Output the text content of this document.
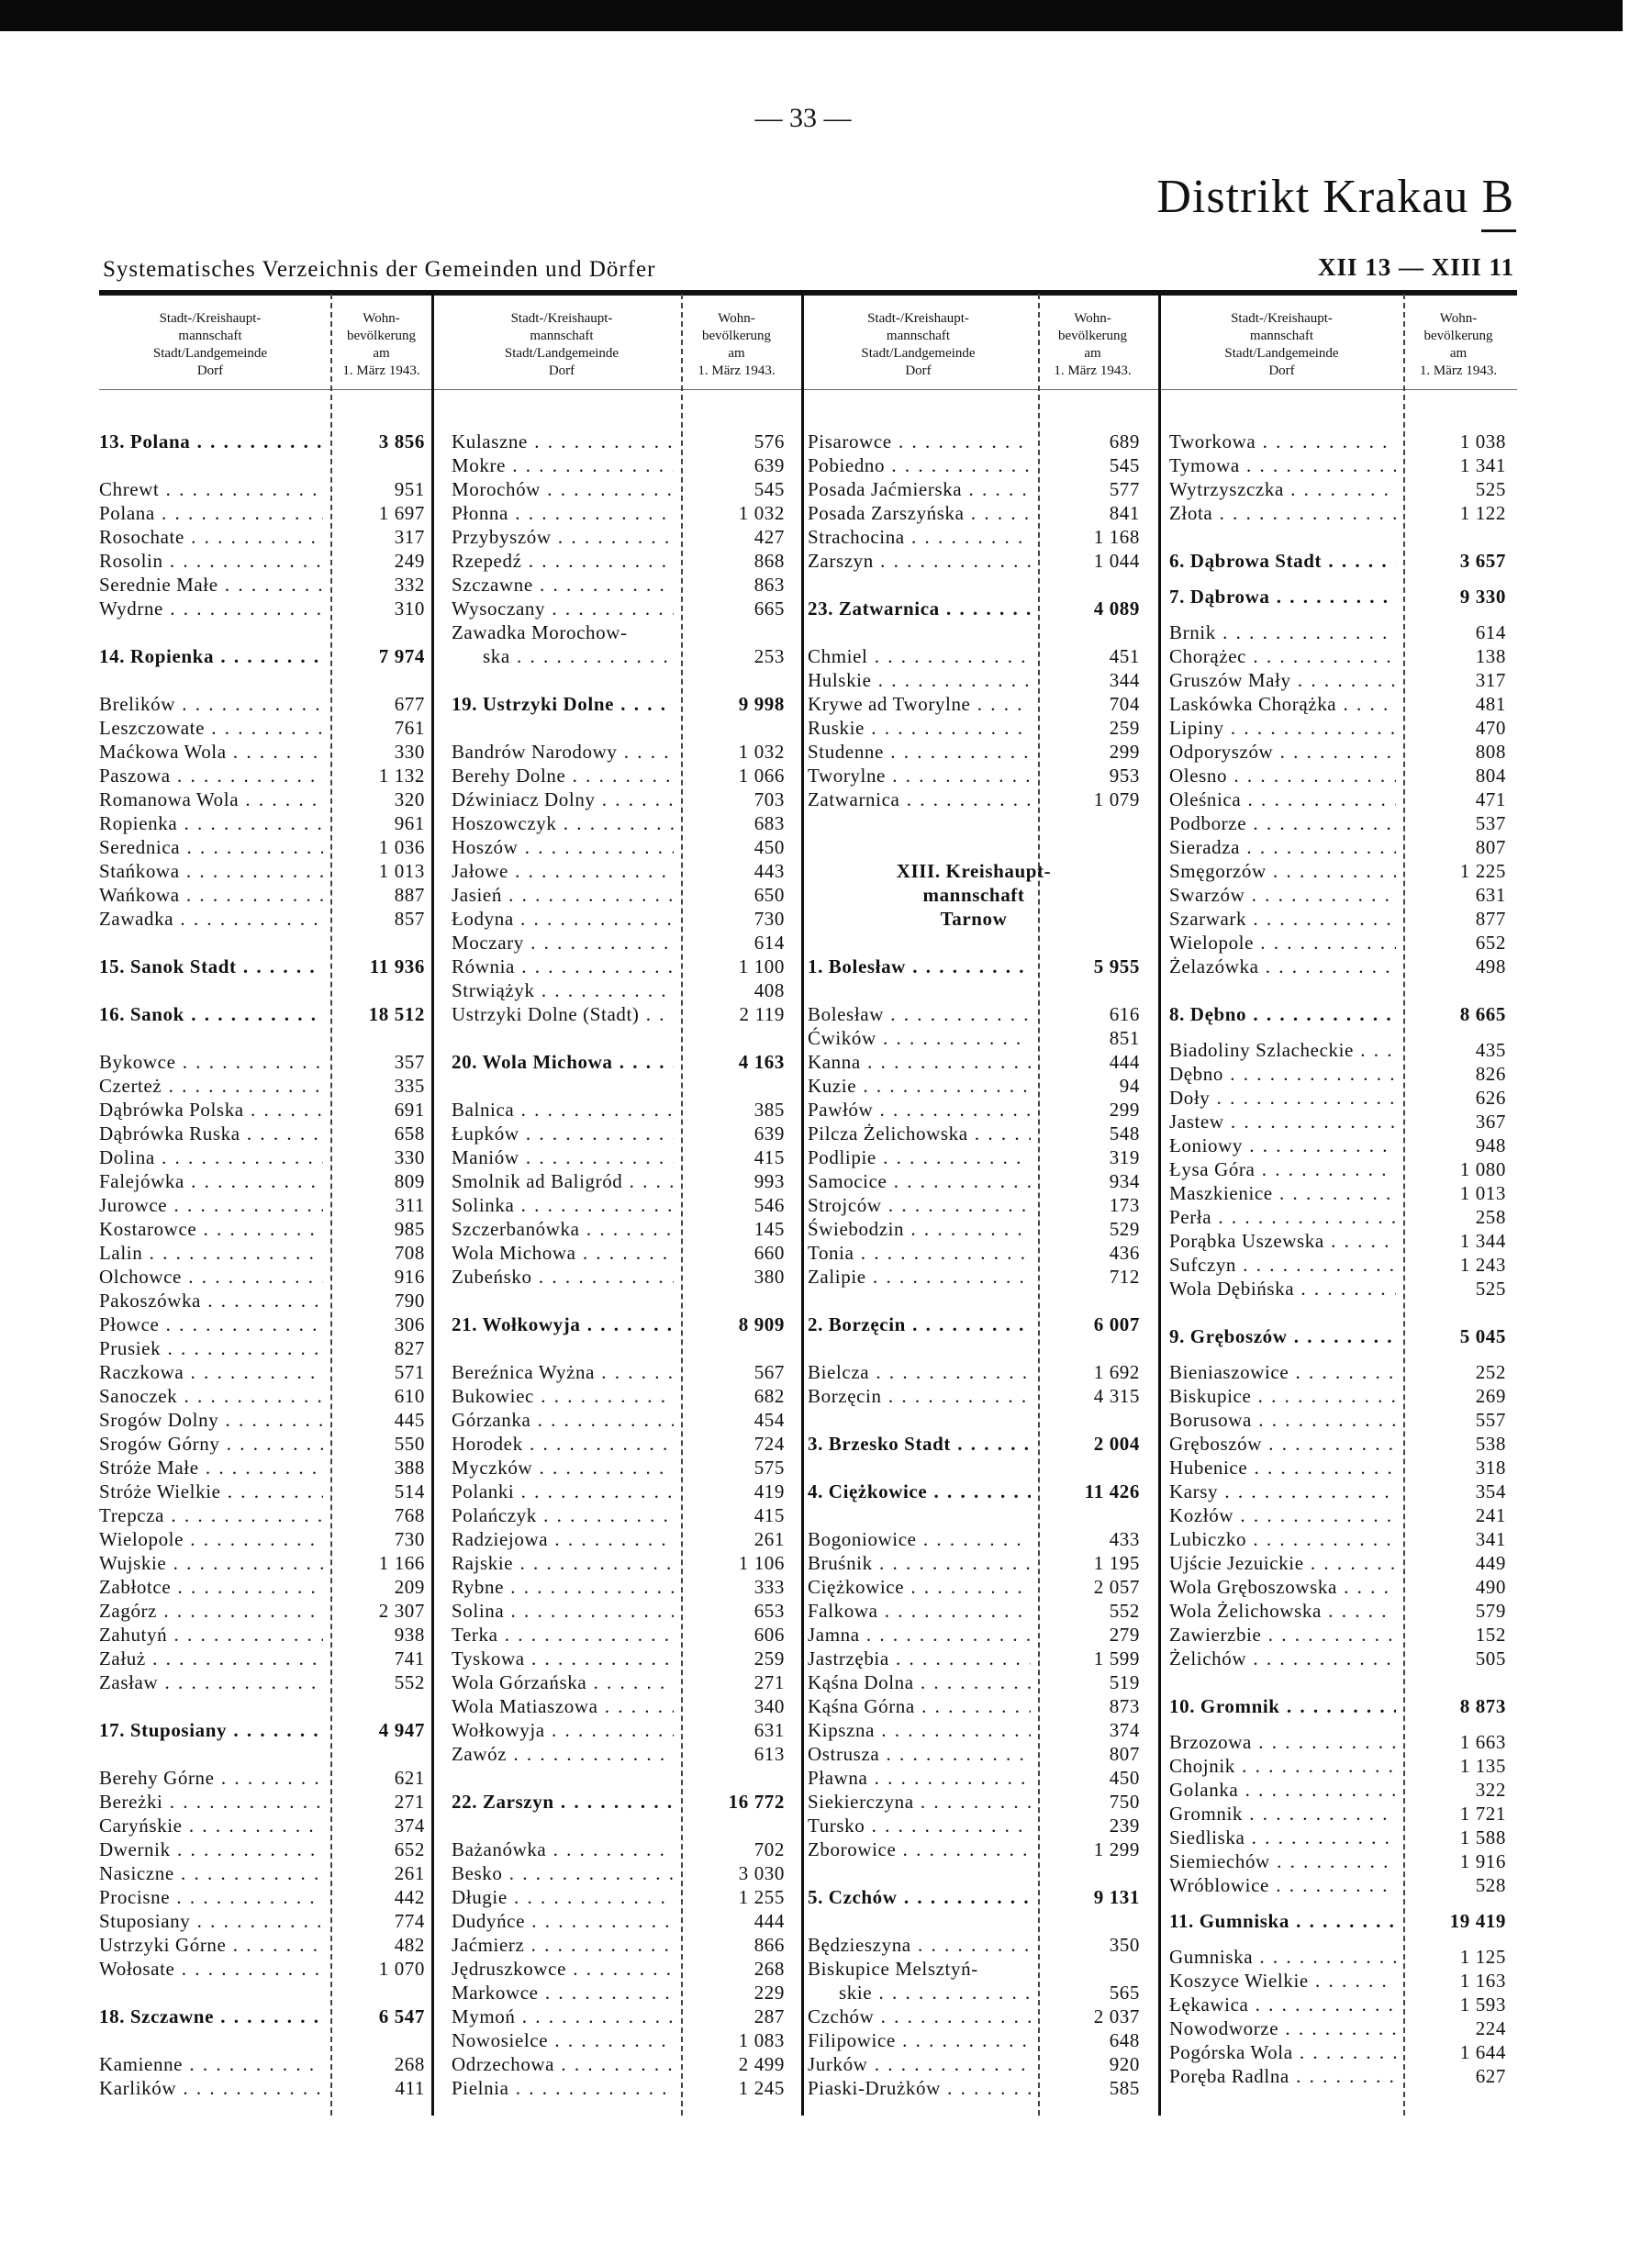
— 33 —
Distrikt Krakau B
Systematisches Verzeichnis der Gemeinden und Dörfer	XII 13 — XIII 11
Stadt-/Kreishaupt-
mannschaft
Stadt/Landgemeinde
Dorf
Wohn-
bevölkerung
am
1. März 1943.
13. Polana . . .	3 856
Chrewt . . .	951
Polana . . .	1 697
Rosochate . . .	317
Rosolin . . .	249
Serednie Małe . . .	332
Wydrne . . .	310
14. Ropienka . . .	7 974
Brelików . . .	677
Leszczowate . . .	761
Maćkowa Wola . . .	330
Paszowa . . .	1 132
Romanowa Wola . . .	320
Ropienka . . .	961
Serednica . . .	1 036
Stańkowa . . .	1 013
Wańkowa . . .	887
Zawadka . . .	857
15. Sanok Stadt . . .	11 936
16. Sanok . . .	18 512
Bykowce . . .	357
Czerteż . . .	335
Dąbrówka Polska . . .	691
Dąbrówka Ruska . . .	658
Dolina . . .	330
Falejówka . . .	809
Jurowce . . .	311
Kostarowce . . .	985
Lalin . . .	708
Olchowce . . .	916
Pakoszówka . . .	790
Płowce . . .	306
Prusiek . . .	827
Raczkowa . . .	571
Sanoczek . . .	610
Srogów Dolny . . .	445
Srogów Górny . . .	550
Stróże Małe . . .	388
Stróże Wielkie . . .	514
Trepcza . . .	768
Wielopole . . .	730
Wujskie . . .	1 166
Zabłotce . . .	209
Zagórz . . .	2 307
Zahutyń . . .	938
Załuż . . .	741
Zasław . . .	552
17. Stuposiany . . .	4 947
Berehy Górne . . .	621
Bereżki . . .	271
Caryńskie . . .	374
Dwernik . . .	652
Nasiczne . . .	261
Procisne . . .	442
Stuposiany . . .	774
Ustrzyki Górne . . .	482
Wołosate . . .	1 070
18. Szczawne . . .	6 547
Kamienne . . .	268
Karlików . . .	411
Stadt-/Kreishaupt-
mannschaft
Stadt/Landgemeinde
Dorf
Wohn-
bevölkerung
am
1. März 1943.
Kulaszne . . .	576
Mokre . . .	639
Morochów . . .	545
Płonna . . .	1 032
Przybyszów . . .	427
Rzepedź . . .	868
Szczawne . . .	863
Wysoczany . . .	665
Zawadka Morochow-
ska . . .	253
19. Ustrzyki Dolne . . .	9 998
Bandrów Narodowy . . .	1 032
Berehy Dolne . . .	1 066
Dźwiniacz Dolny . . .	703
Hoszowczyk . . .	683
Hoszów . . .	450
Jałowe . . .	443
Jasień . . .	650
Łodyna . . .	730
Moczary . . .	614
Równia . . .	1 100
Strwiążyk . . .	408
Ustrzyki Dolne (Stadt) . . .	2 119
20. Wola Michowa . . .	4 163
Balnica . . .	385
Łupków . . .	639
Maniów . . .	415
Smolnik ad Baligród . . .	993
Solinka . . .	546
Szczerbanówka . . .	145
Wola Michowa . . .	660
Zubeńsko . . .	380
21. Wołkowyja . . .	8 909
Bereźnica Wyżna . . .	567
Bukowiec . . .	682
Górzanka . . .	454
Horodek . . .	724
Myczków . . .	575
Polanki . . .	419
Polańczyk . . .	415
Radziejowa . . .	261
Rajskie . . .	1 106
Rybne . . .	333
Solina . . .	653
Terka . . .	606
Tyskowa . . .	259
Wola Górzańska . . .	271
Wola Matiaszowa . . .	340
Wołkowyja . . .	631
Zawóz . . .	613
22. Zarszyn . . .	16 772
Bażanówka . . .	702
Besko . . .	3 030
Długie . . .	1 255
Dudyńce . . .	444
Jaćmierz . . .	866
Jędruszkowce . . .	268
Markowce . . .	229
Mymoń . . .	287
Nowosielce . . .	1 083
Odrzechowa . . .	2 499
Pielnia . . .	1 245
Stadt-/Kreishaupt-
mannschaft
Stadt/Landgemeinde
Dorf
Wohn-
bevölkerung
am
1. März 1943.
Pisarowce . . .	689
Pobiedno . . .	545
Posada Jaćmierska . . .	577
Posada Zarszyńska . . .	841
Strachocina . . .	1 168
Zarszyn . . .	1 044
23. Zatwarnica . . .	4 089
Chmiel . . .	451
Hulskie . . .	344
Krywe ad Tworylne . . .	704
Ruskie . . .	259
Studenne . . .	299
Tworylne . . .	953
Zatwarnica . . .	1 079
XIII. Kreishaupt-
mannschaft
Tarnow
1. Bolesław . . .	5 955
Bolesław . . .	616
Ćwików . . .	851
Kanna . . .	444
Kuzie . . .	94
Pawłów . . .	299
Pilcza Żelichowska . . .	548
Podlipie . . .	319
Samocice . . .	934
Strojców . . .	173
Świebodzin . . .	529
Tonia . . .	436
Zalipie . . .	712
2. Borzęcin . . .	6 007
Bielcza . . .	1 692
Borzęcin . . .	4 315
3. Brzesko Stadt . . .	2 004
4. Ciężkowice . . .	11 426
Bogoniowice . . .	433
Bruśnik . . .	1 195
Ciężkowice . . .	2 057
Falkowa . . .	552
Jamna . . .	279
Jastrzębia . . .	1 599
Kąśna Dolna . . .	519
Kąśna Górna . . .	873
Kipszna . . .	374
Ostrusza . . .	807
Pławna . . .	450
Siekierczyna . . .	750
Tursko . . .	239
Zborowice . . .	1 299
5. Czchów . . .	9 131
Będzieszyna . . .	350
Biskupice Melsztyń-
skie . . .	565
Czchów . . .	2 037
Filipowice . . .	648
Jurków . . .	920
Piaski-Drużków . . .	585
Stadt-/Kreishaupt-
mannschaft
Stadt/Landgemeinde
Dorf
Wohn-
bevölkerung
am
1. März 1943.
Tworkowa . . .	1 038
Tymowa . . .	1 341
Wytrzyszczka . . .	525
Złota . . .	1 122
6. Dąbrowa Stadt . . .	3 657
7. Dąbrowa . . .	9 330
Brnik . . .	614
Chorążec . . .	138
Gruszów Mały . . .	317
Laskówka Chorążka . . .	481
Lipiny . . .	470
Odporyszów . . .	808
Olesno . . .	804
Oleśnica . . .	471
Podborze . . .	537
Sieradza . . .	807
Smęgorzów . . .	1 225
Swarzów . . .	631
Szarwark . . .	877
Wielopole . . .	652
Żelazówka . . .	498
8. Dębno . . .	8 665
Biadoliny Szlacheckie . . .	435
Dębno . . .	826
Doły . . .	626
Jastew . . .	367
Łoniowy . . .	948
Łysa Góra . . .	1 080
Maszkienice . . .	1 013
Perła . . .	258
Porąbka Uszewska . . .	1 344
Sufczyn . . .	1 243
Wola Dębińska . . .	525
9. Gręboszów . . .	5 045
Bieniaszowice . . .	252
Biskupice . . .	269
Borusowa . . .	557
Gręboszów . . .	538
Hubenice . . .	318
Karsy . . .	354
Kozłów . . .	241
Lubiczko . . .	341
Ujście Jezuickie . . .	449
Wola Gręboszowska . . .	490
Wola Żelichowska . . .	579
Zawierzbie . . .	152
Żelichów . . .	505
10. Gromnik . . .	8 873
Brzozowa . . .	1 663
Chojnik . . .	1 135
Golanka . . .	322
Gromnik . . .	1 721
Siedliska . . .	1 588
Siemiechów . . .	1 916
Wróblowice . . .	528
11. Gumniska . . .	19 419
Gumniska . . .	1 125
Koszyce Wielkie . . .	1 163
Łękawica . . .	1 593
Nowodworze . . .	224
Pogórska Wola . . .	1 644
Poręba Radlna . . .	627
